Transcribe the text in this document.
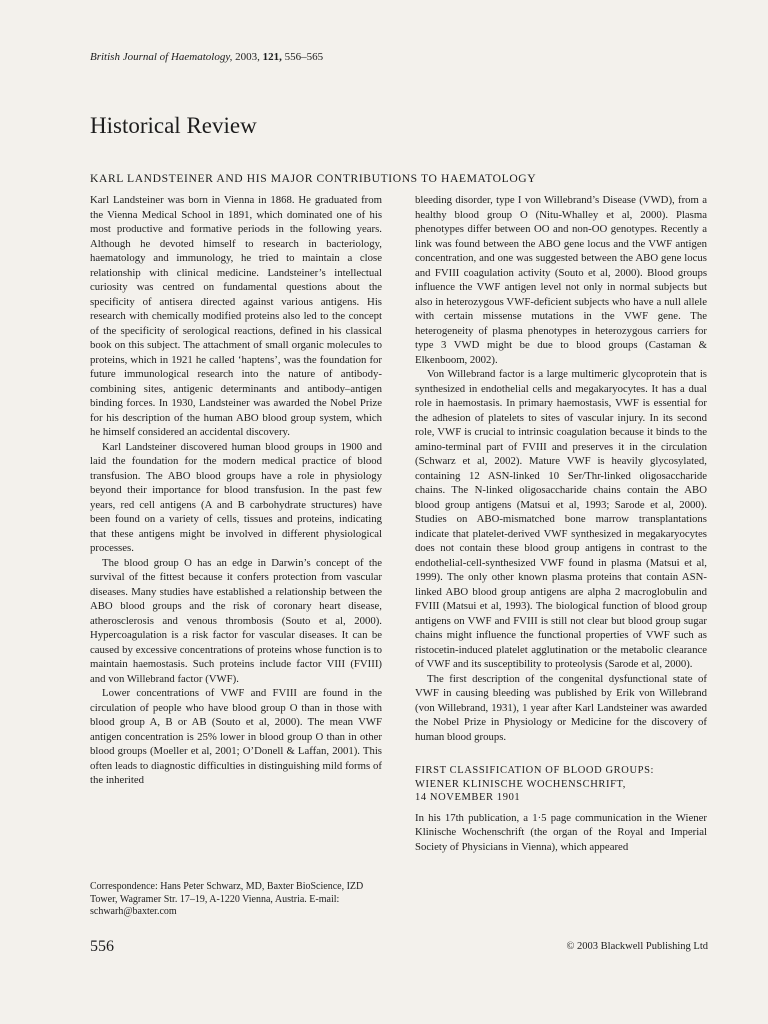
British Journal of Haematology, 2003, 121, 556–565
Historical Review
KARL LANDSTEINER AND HIS MAJOR CONTRIBUTIONS TO HAEMATOLOGY

Karl Landsteiner was born in Vienna in 1868. He graduated from the Vienna Medical School in 1891, which dominated one of his most productive and formative periods in the following years. Although he devoted himself to research in bacteriology, haematology and immunology, he tried to maintain a close relationship with clinical medicine. Landsteiner’s intellectual curiosity was centred on fundamental questions about the specificity of antisera directed against various antigens. His research with chemically modified proteins also led to the concept of the specificity of serological reactions, defined in his classical book on this subject. The attachment of small organic molecules to proteins, which in 1921 he called ‘haptens’, was the foundation for future immunological research into the nature of antibody-combining sites, antigenic determinants and antibody–antigen binding forces. In 1930, Landsteiner was awarded the Nobel Prize for his description of the human ABO blood group system, which he himself considered an accidental discovery.

Karl Landsteiner discovered human blood groups in 1900 and laid the foundation for the modern medical practice of blood transfusion. The ABO blood groups have a role in physiology beyond their importance for blood transfusion. In the past few years, red cell antigens (A and B carbohydrate structures) have been found on a variety of cells, tissues and proteins, indicating that these antigens might be involved in different physiological processes.

The blood group O has an edge in Darwin’s concept of the survival of the fittest because it confers protection from vascular diseases. Many studies have established a relationship between the ABO blood groups and the risk of coronary heart disease, atherosclerosis and venous thrombosis (Souto et al, 2000). Hypercoagulation is a risk factor for vascular diseases. It can be caused by excessive concentrations of proteins whose function is to maintain haemostasis. Such proteins include factor VIII (FVIII) and von Willebrand factor (VWF).

Lower concentrations of VWF and FVIII are found in the circulation of people who have blood group O than in those with blood group A, B or AB (Souto et al, 2000). The mean VWF antigen concentration is 25% lower in blood group O than in other blood groups (Moeller et al, 2001; O’Donell & Laffan, 2001). This often leads to diagnostic difficulties in distinguishing mild forms of the inherited

bleeding disorder, type I von Willebrand’s Disease (VWD), from a healthy blood group O (Nitu-Whalley et al, 2000). Plasma phenotypes differ between OO and non-OO genotypes. Recently a link was found between the ABO gene locus and the VWF antigen concentration, and one was suggested between the ABO gene locus and FVIII coagulation activity (Souto et al, 2000). Blood groups influence the VWF antigen level not only in normal subjects but also in heterozygous VWF-deficient subjects who have a null allele with certain missense mutations in the VWF gene. The heterogeneity of plasma phenotypes in heterozygous carriers for type 3 VWD might be due to blood groups (Castaman & Elkenboom, 2002).

Von Willebrand factor is a large multimeric glycoprotein that is synthesized in endothelial cells and megakaryocytes. It has a dual role in haemostasis. In primary haemostasis, VWF is essential for the adhesion of platelets to sites of vascular injury. In its second role, VWF is crucial to intrinsic coagulation because it binds to the amino-terminal part of FVIII and preserves it in the circulation (Schwarz et al, 2002). Mature VWF is heavily glycosylated, containing 12 ASN-linked 10 Ser/Thr-linked oligosaccharide chains. The N-linked oligosaccharide chains contain the ABO blood group antigens (Matsui et al, 1993; Sarode et al, 2000). Studies on ABO-mismatched bone marrow transplantations indicate that platelet-derived VWF synthesized in megakaryocytes does not contain these blood group antigens in contrast to the endothelial-cell-synthesized VWF found in plasma (Matsui et al, 1999). The only other known plasma proteins that contain ASN-linked ABO blood group antigens are alpha 2 macroglobulin and FVIII (Matsui et al, 1993). The biological function of blood group antigens on VWF and FVIII is still not clear but blood group sugar chains might influence the functional properties of VWF such as ristocetin-induced platelet agglutination or the metabolic clearance of VWF and its susceptibility to proteolysis (Sarode et al, 2000).

The first description of the congenital dysfunctional state of VWF in causing bleeding was published by Erik von Willebrand (von Willebrand, 1931), 1 year after Karl Landsteiner was awarded the Nobel Prize in Physiology or Medicine for the discovery of human blood groups.

FIRST CLASSIFICATION OF BLOOD GROUPS:
WIENER KLINISCHE WOCHENSCHRIFT,
14 NOVEMBER 1901

In his 17th publication, a 1·5 page communication in the Wiener Klinische Wochenschrift (the organ of the Royal and Imperial Society of Physicians in Vienna), which appeared

Correspondence: Hans Peter Schwarz, MD, Baxter BioScience, IZD Tower, Wagramer Str. 17–19, A-1220 Vienna, Austria. E-mail: schwarh@baxter.com
556	© 2003 Blackwell Publishing Ltd
